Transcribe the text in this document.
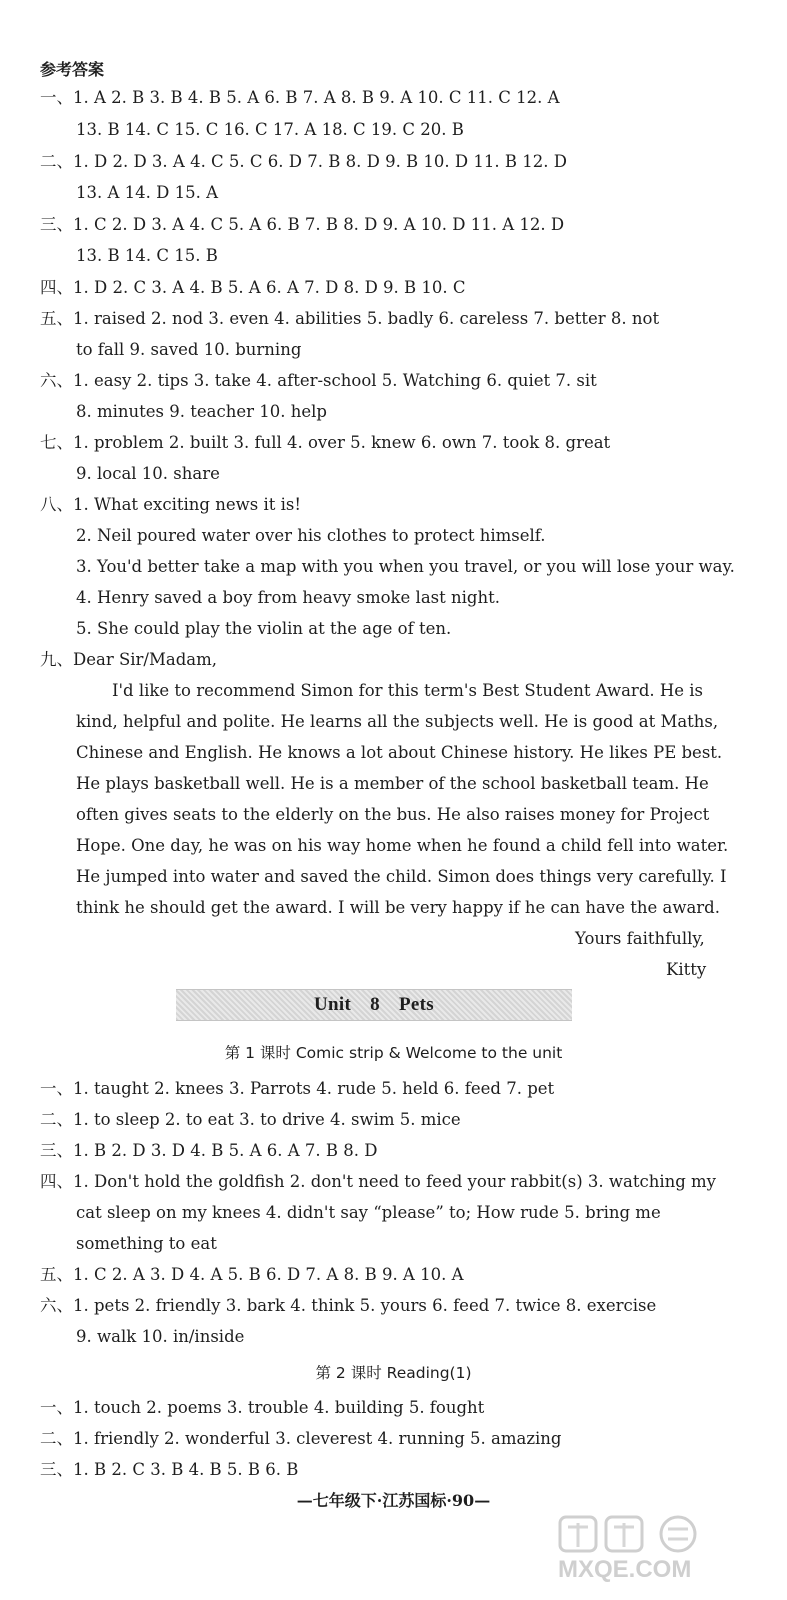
参考答案
一、1. A 2. B 3. B 4. B 5. A 6. B 7. A 8. B 9. A 10. C 11. C 12. A
13. B 14. C 15. C 16. C 17. A 18. C 19. C 20. B
二、1. D 2. D 3. A 4. C 5. C 6. D 7. B 8. D 9. B 10. D 11. B 12. D
13. A 14. D 15. A
三、1. C 2. D 3. A 4. C 5. A 6. B 7. B 8. D 9. A 10. D 11. A 12. D
13. B 14. C 15. B
四、1. D 2. C 3. A 4. B 5. A 6. A 7. D 8. D 9. B 10. C
五、1. raised 2. nod 3. even 4. abilities 5. badly 6. careless 7. better 8. not
to fall 9. saved 10. burning
六、1. easy 2. tips 3. take 4. after-school 5. Watching 6. quiet 7. sit
8. minutes 9. teacher 10. help
七、1. problem 2. built 3. full 4. over 5. knew 6. own 7. took 8. great
9. local 10. share
八、1. What exciting news it is!
2. Neil poured water over his clothes to protect himself.
3. You'd better take a map with you when you travel, or you will lose your way.
4. Henry saved a boy from heavy smoke last night.
5. She could play the violin at the age of ten.
九、Dear Sir/Madam,
I'd like to recommend Simon for this term's Best Student Award. He is
kind, helpful and polite. He learns all the subjects well. He is good at Maths,
Chinese and English. He knows a lot about Chinese history. He likes PE best.
He plays basketball well. He is a member of the school basketball team. He
often gives seats to the elderly on the bus. He also raises money for Project
Hope. One day, he was on his way home when he found a child fell into water.
He jumped into water and saved the child. Simon does things very carefully. I
think he should get the award. I will be very happy if he can have the award.
Yours faithfully,
Kitty
一、1. taught 2. knees 3. Parrots 4. rude 5. held 6. feed 7. pet
二、1. to sleep 2. to eat 3. to drive 4. swim 5. mice
三、1. B 2. D 3. D 4. B 5. A 6. A 7. B 8. D
四、1. Don't hold the goldfish 2. don't need to feed your rabbit(s) 3. watching my
cat sleep on my knees 4. didn't say “please” to; How rude 5. bring me
something to eat
五、1. C 2. A 3. D 4. A 5. B 6. D 7. A 8. B 9. A 10. A
六、1. pets 2. friendly 3. bark 4. think 5. yours 6. feed 7. twice 8. exercise
9. walk 10. in/inside
一、1. touch 2. poems 3. trouble 4. building 5. fought
二、1. friendly 2. wonderful 3. cleverest 4. running 5. amazing
三、1. B 2. C 3. B 4. B 5. B 6. B
Unit 8 Pets
第 1 课时 Comic strip & Welcome to the unit
第 2 课时 Reading(1)
—七年级下·江苏国标·90—
MXQE.COM
